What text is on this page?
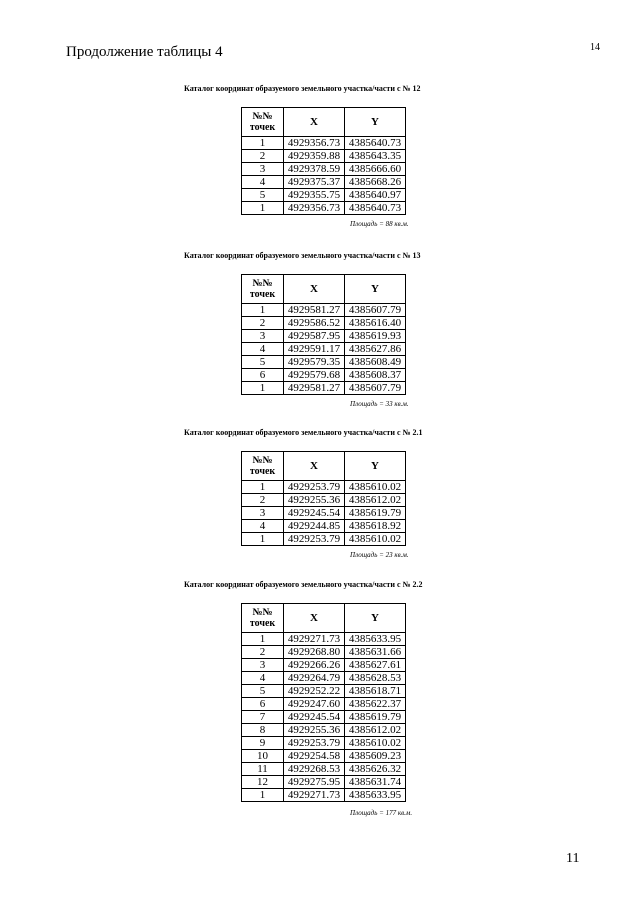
14
Продолжение таблицы 4
Каталог координат образуемого земельного участка/части с № 12
№№
точек	X	Y
1	4929356.73	4385640.73
2	4929359.88	4385643.35
3	4929378.59	4385666.60
4	4929375.37	4385668.26
5	4929355.75	4385640.97
1	4929356.73	4385640.73
Площадь = 88 кв.м.
Каталог координат образуемого земельного участка/части с № 13
№№
точек	X	Y
1	4929581.27	4385607.79
2	4929586.52	4385616.40
3	4929587.95	4385619.93
4	4929591.17	4385627.86
5	4929579.35	4385608.49
6	4929579.68	4385608.37
1	4929581.27	4385607.79
Площадь = 33 кв.м.
Каталог координат образуемого земельного участка/части с № 2.1
№№
точек	X	Y
1	4929253.79	4385610.02
2	4929255.36	4385612.02
3	4929245.54	4385619.79
4	4929244.85	4385618.92
1	4929253.79	4385610.02
Площадь = 23 кв.м.
Каталог координат образуемого земельного участка/части с № 2.2
№№
точек	X	Y
1	4929271.73	4385633.95
2	4929268.80	4385631.66
3	4929266.26	4385627.61
4	4929264.79	4385628.53
5	4929252.22	4385618.71
6	4929247.60	4385622.37
7	4929245.54	4385619.79
8	4929255.36	4385612.02
9	4929253.79	4385610.02
10	4929254.58	4385609.23
11	4929268.53	4385626.32
12	4929275.95	4385631.74
1	4929271.73	4385633.95
Площадь = 177 кв.м.
11
